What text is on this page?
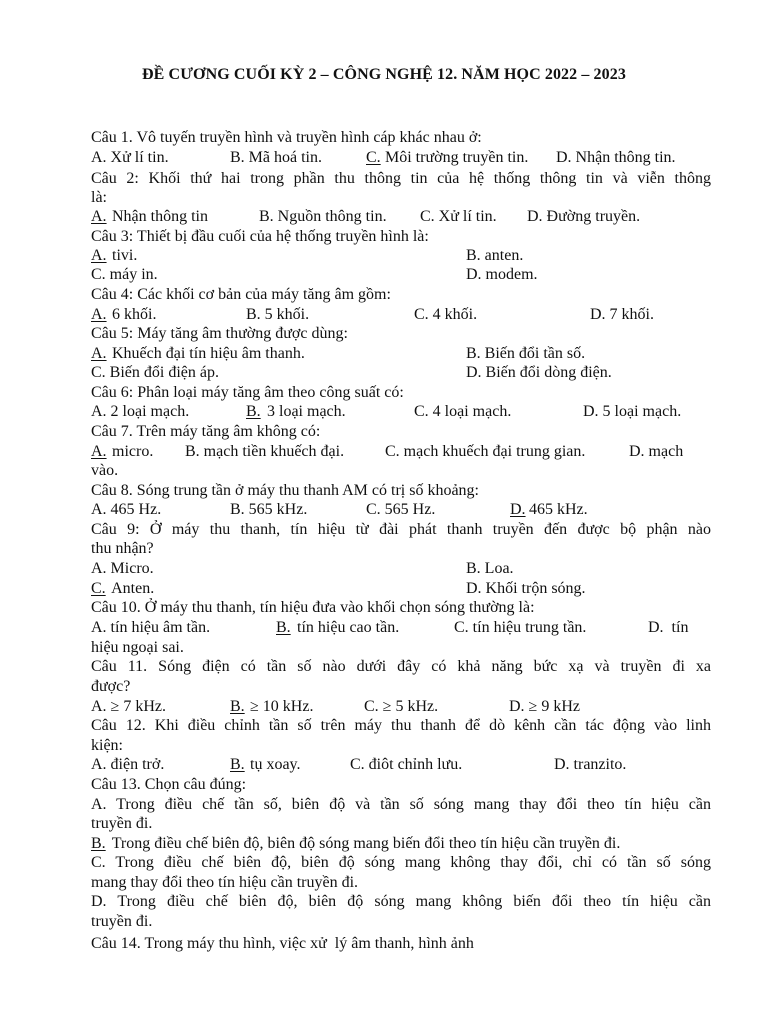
ĐỀ CƯƠNG CUỐI KỲ 2 – CÔNG NGHỆ 12. NĂM HỌC 2022 – 2023
Câu 1. Vô tuyến truyền hình và truyền hình cáp khác nhau ở:
A. Xử lí tin.	B. Mã hoá tin.	C. Môi trường truyền tin. D. Nhận thông tin.
Câu 2: Khối thứ hai trong phần thu thông tin của hệ thống thông tin và viễn thông
là:
A. Nhận thông tin	B. Nguồn thông tin. C. Xử lí tin. D. Đường truyền.
Câu 3: Thiết bị đầu cuối của hệ thống truyền hình là:
A. tivi.	B. anten.
C. máy in.	D. modem.
Câu 4: Các khối cơ bản của máy tăng âm gồm:
A. 6 khối.	B. 5 khối.	C. 4 khối.	D. 7 khối.
Câu 5: Máy tăng âm thường được dùng:
A. Khuếch đại tín hiệu âm thanh.	B. Biến đổi tần số.
C. Biến đổi điện áp.	D. Biến đổi dòng điện.
Câu 6: Phân loại máy tăng âm theo công suất có:
A. 2 loại mạch.	B. 3 loại mạch.	C. 4 loại mạch.	D. 5 loại mạch.
Câu 7. Trên máy tăng âm không có:
A. micro. B. mạch tiền khuếch đại.	C. mạch khuếch đại trung gian.	D. mạch
vào.
Câu 8. Sóng trung tần ở máy thu thanh AM có trị số khoảng:
A. 465 Hz.	B. 565 kHz.	C. 565 Hz.	D. 465 kHz.
Câu 9: Ở máy thu thanh, tín hiệu từ đài phát thanh truyền đến được bộ phận nào
thu nhận?
A. Micro.	B. Loa.
C. Anten.	D. Khối trộn sóng.
Câu 10. Ở máy thu thanh, tín hiệu đưa vào khối chọn sóng thường là:
A. tín hiệu âm tần.	B. tín hiệu cao tần.	C. tín hiệu trung tần.	D.  tín
hiệu ngoại sai.
Câu 11. Sóng điện có tần số nào dưới đây có khả năng bức xạ và truyền đi xa
được?
A. ≥ 7 kHz.	B. ≥ 10 kHz.	C. ≥ 5 kHz.	D. ≥ 9 kHz
Câu 12. Khi điều chỉnh tần số trên máy thu thanh để dò kênh cần tác động vào linh
kiện:
A. điện trở.	B. tụ xoay.	C. điôt chỉnh lưu.	D. tranzito.
Câu 13. Chọn câu đúng:
A. Trong điều chế tần số, biên độ và tần số sóng mang thay đổi theo tín hiệu cần
truyền đi.
B. Trong điều chế biên độ, biên độ sóng mang biến đổi theo tín hiệu cần truyền đi.
C. Trong điều chế biên độ, biên độ sóng mang không thay đổi, chỉ có tần số sóng
mang thay đổi theo tín hiệu cần truyền đi.
D. Trong điều chế biên độ, biên độ sóng mang không biến đổi theo tín hiệu cần
truyền đi.
Câu 14. Trong máy thu hình, việc xử  lý âm thanh, hình ảnh
